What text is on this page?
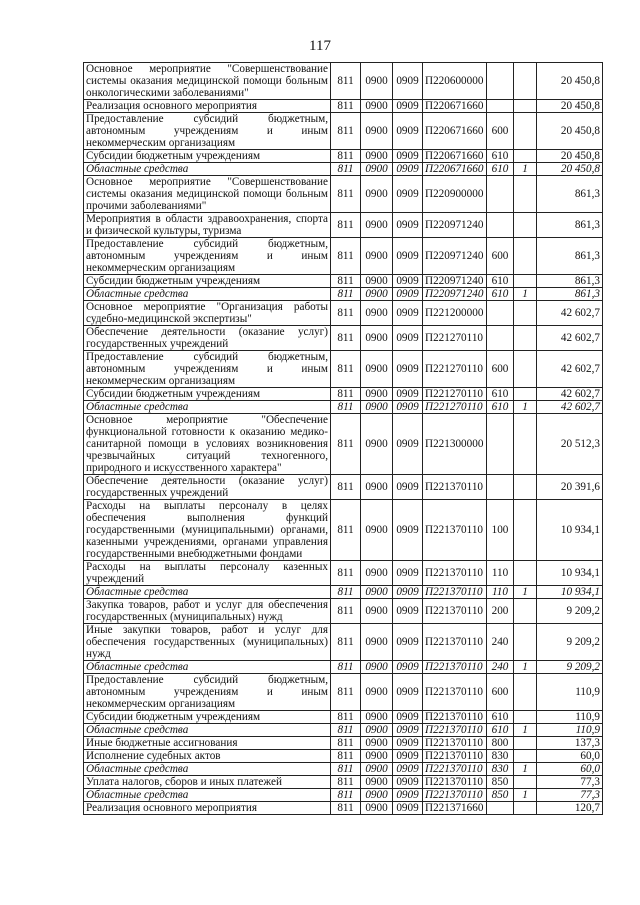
117
Основное мероприятие "Совершенствование системы оказания медицинской помощи больным онкологическими заболеваниями"	811	0900	0909	П220600000			20 450,8
Реализация основного мероприятия	811	0900	0909	П220671660			20 450,8
Предоставление субсидий бюджетным, автономным учреждениям и иным некоммерческим организациям	811	0900	0909	П220671660	600		20 450,8
Субсидии бюджетным учреждениям	811	0900	0909	П220671660	610		20 450,8
Областные средства	811	0900	0909	П220671660	610	1	20 450,8
Основное мероприятие "Совершенствование системы оказания медицинской помощи больным прочими заболеваниями"	811	0900	0909	П220900000			861,3
Мероприятия в области здравоохранения, спорта и физической культуры, туризма	811	0900	0909	П220971240			861,3
Предоставление субсидий бюджетным, автономным учреждениям и иным некоммерческим организациям	811	0900	0909	П220971240	600		861,3
Субсидии бюджетным учреждениям	811	0900	0909	П220971240	610		861,3
Областные средства	811	0900	0909	П220971240	610	1	861,3
Основное мероприятие "Организация работы судебно-медицинской экспертизы"	811	0900	0909	П221200000			42 602,7
Обеспечение деятельности (оказание услуг) государственных учреждений	811	0900	0909	П221270110			42 602,7
Предоставление субсидий бюджетным, автономным учреждениям и иным некоммерческим организациям	811	0900	0909	П221270110	600		42 602,7
Субсидии бюджетным учреждениям	811	0900	0909	П221270110	610		42 602,7
Областные средства	811	0900	0909	П221270110	610	1	42 602,7
Основное мероприятие "Обеспечение функциональной готовности к оказанию медико-санитарной помощи в условиях возникновения чрезвычайных ситуаций техногенного, природного и искусственного характера"	811	0900	0909	П221300000			20 512,3
Обеспечение деятельности (оказание услуг) государственных учреждений	811	0900	0909	П221370110			20 391,6
Расходы на выплаты персоналу в целях обеспечения выполнения функций государственными (муниципальными) органами, казенными учреждениями, органами управления государственными внебюджетными фондами	811	0900	0909	П221370110	100		10 934,1
Расходы на выплаты персоналу казенных учреждений	811	0900	0909	П221370110	110		10 934,1
Областные средства	811	0900	0909	П221370110	110	1	10 934,1
Закупка товаров, работ и услуг для обеспечения государственных (муниципальных) нужд	811	0900	0909	П221370110	200		9 209,2
Иные закупки товаров, работ и услуг для обеспечения государственных (муниципальных) нужд	811	0900	0909	П221370110	240		9 209,2
Областные средства	811	0900	0909	П221370110	240	1	9 209,2
Предоставление субсидий бюджетным, автономным учреждениям и иным некоммерческим организациям	811	0900	0909	П221370110	600		110,9
Субсидии бюджетным учреждениям	811	0900	0909	П221370110	610		110,9
Областные средства	811	0900	0909	П221370110	610	1	110,9
Иные бюджетные ассигнования	811	0900	0909	П221370110	800		137,3
Исполнение судебных актов	811	0900	0909	П221370110	830		60,0
Областные средства	811	0900	0909	П221370110	830	1	60,0
Уплата налогов, сборов и иных платежей	811	0900	0909	П221370110	850		77,3
Областные средства	811	0900	0909	П221370110	850	1	77,3
Реализация основного мероприятия	811	0900	0909	П221371660			120,7
